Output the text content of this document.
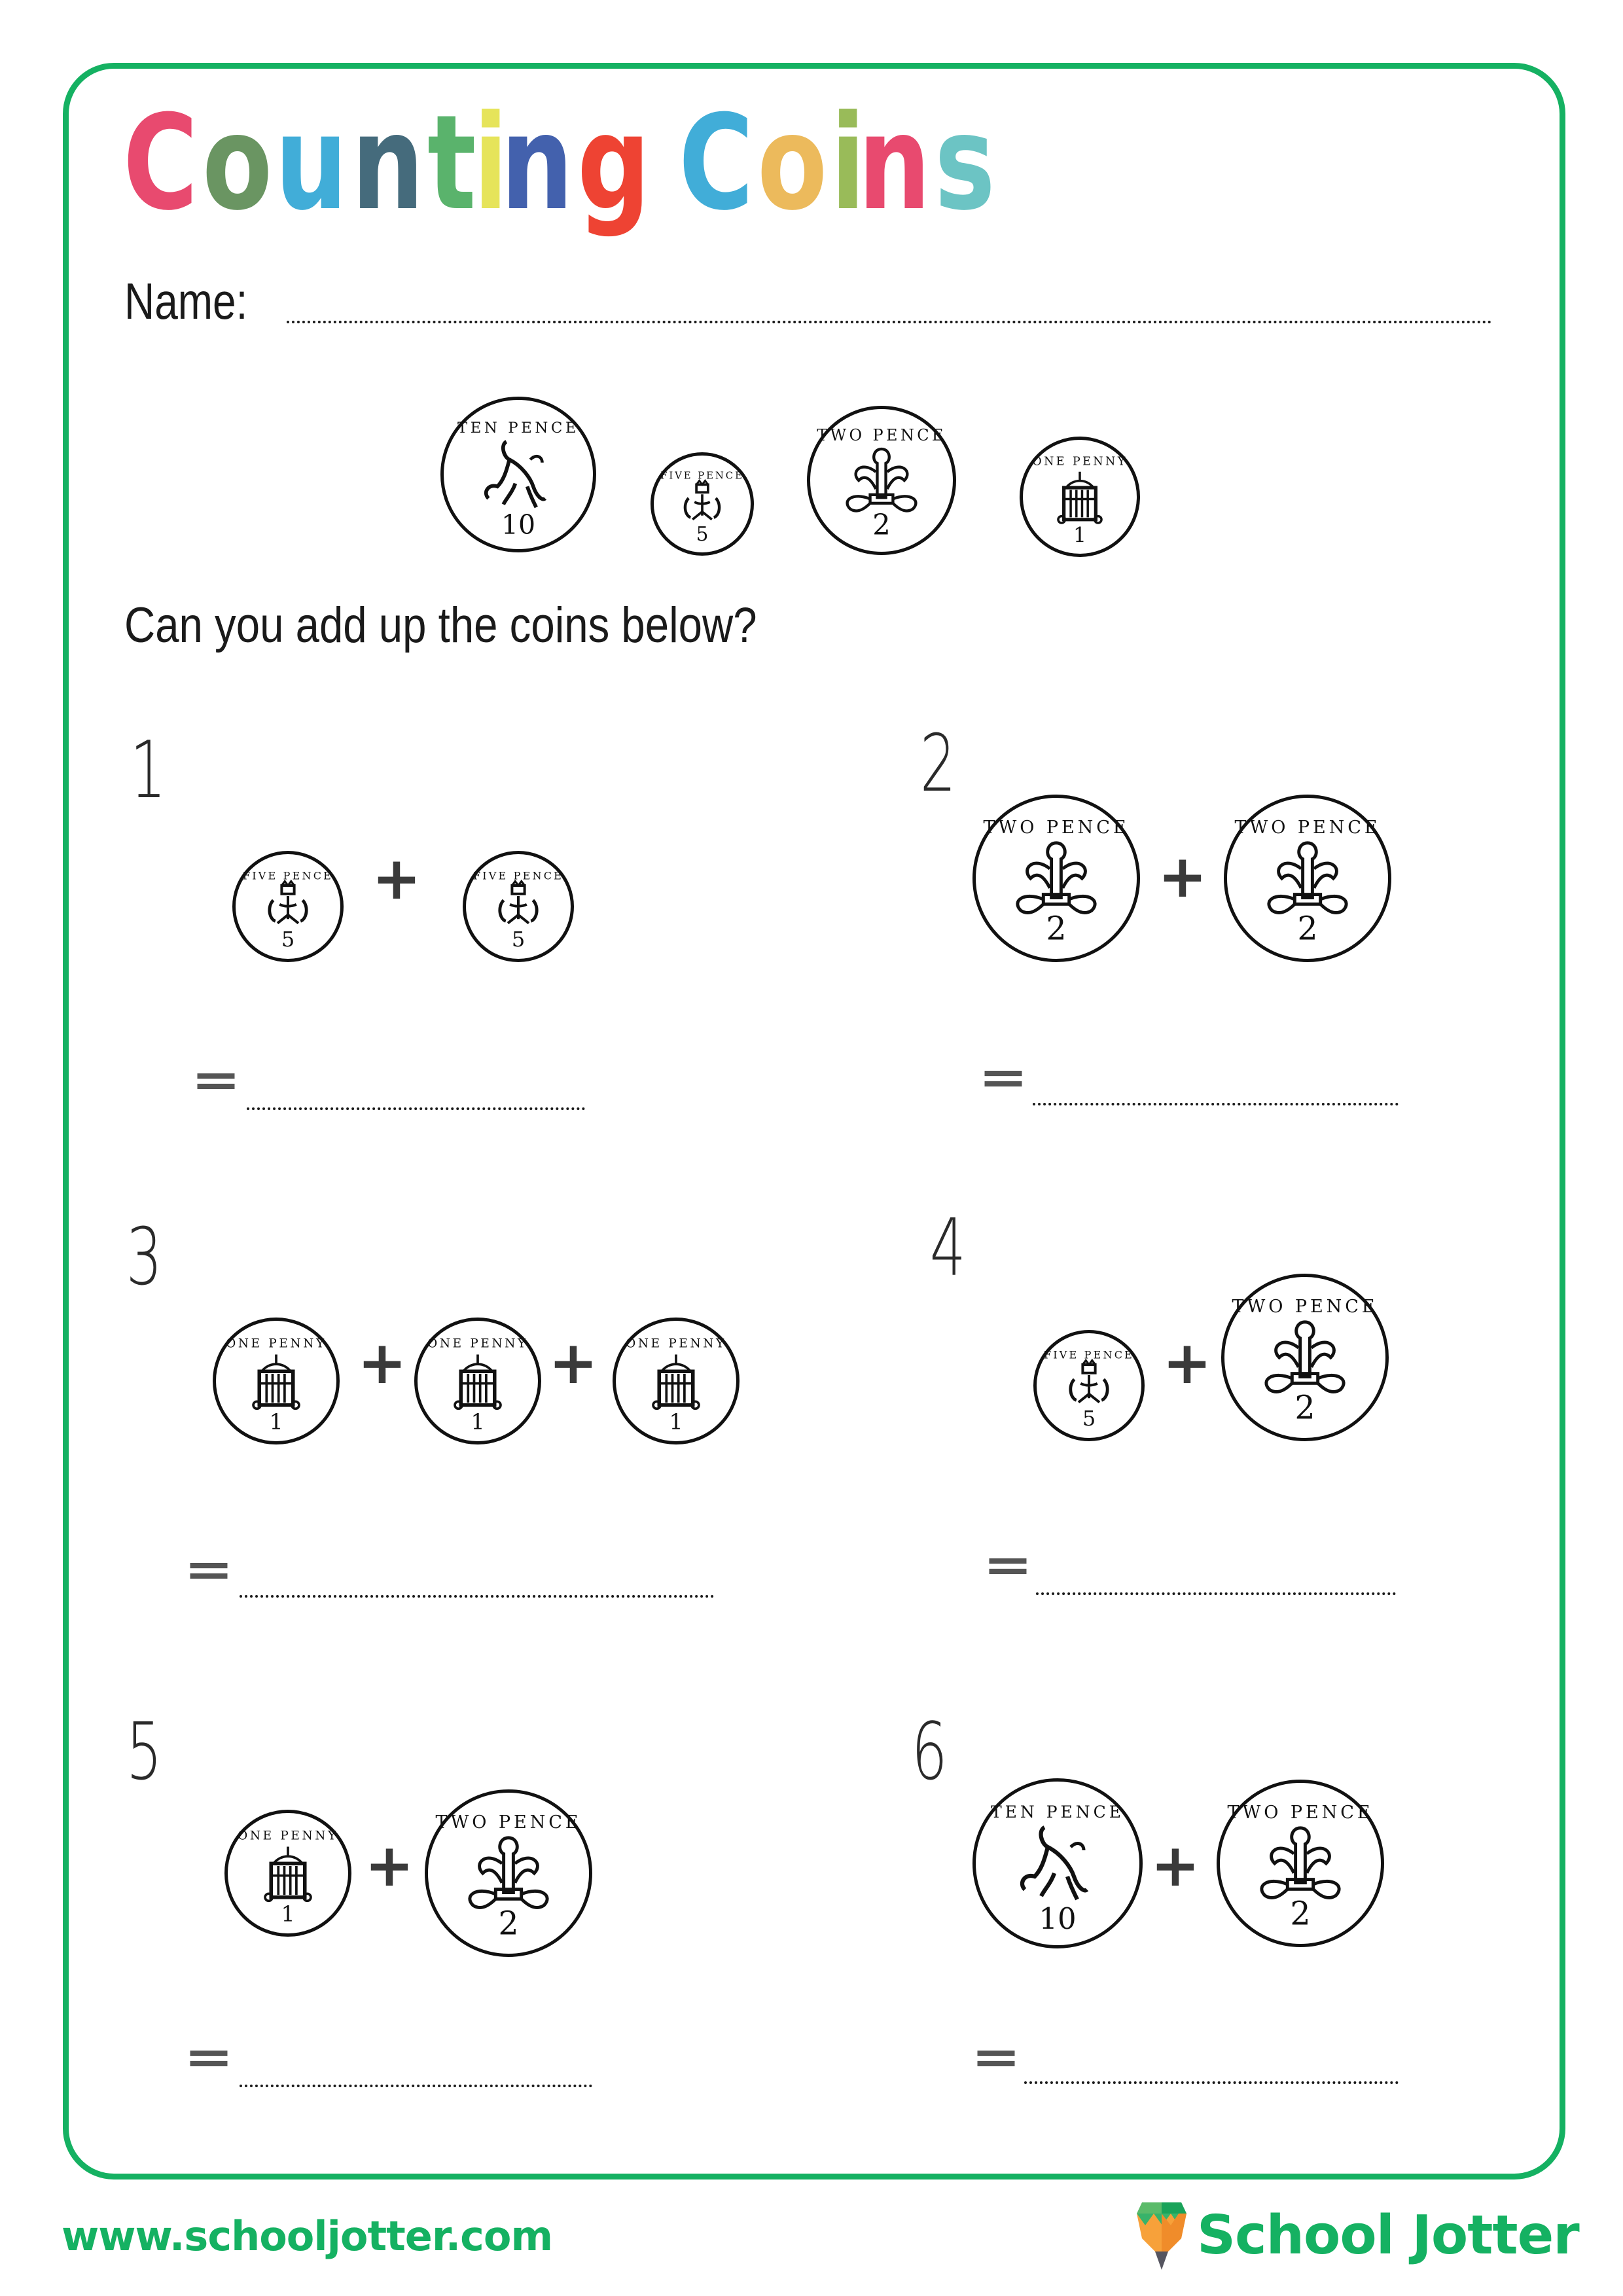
C o u n t
i
n g C o i
n s
Name:
Can you add up the coins below?
1
+
=
2
+
=
3
+ +
=
4
+
=
5
+
=
6
+
=
www.schooljotter.com	School Jotter
